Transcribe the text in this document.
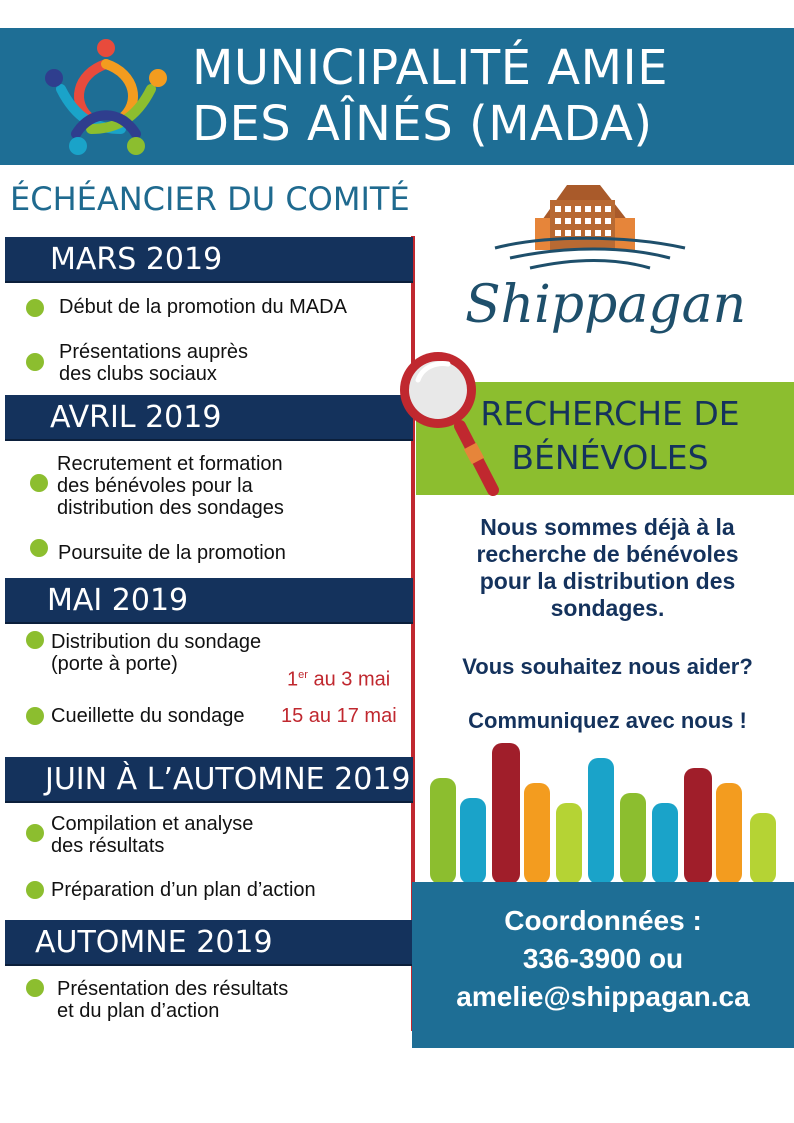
MUNICIPALITÉ AMIE
DES AÎNÉS (MADA)
ÉCHÉANCIER DU COMITÉ
MARS 2019
Début de la promotion du MADA
Présentations auprès
des clubs sociaux
AVRIL 2019
Recrutement et formation
des bénévoles pour la
distribution des sondages
Poursuite de la promotion
MAI 2019
Distribution du sondage
(porte à porte)
1er au 3 mai
Cueillette du sondage 15 au 17 mai
JUIN À L’AUTOMNE 2019
Compilation et analyse
des résultats
Préparation d’un plan d’action
AUTOMNE 2019
Présentation des résultats
et du plan d’action
Shippagan
RECHERCHE DE
BÉNÉVOLES
Nous sommes déjà à la
recherche de bénévoles
pour la distribution des
sondages.
Vous souhaitez nous aider?
Communiquez avec nous !
Coordonnées :
336-3900 ou
amelie@shippagan.ca
